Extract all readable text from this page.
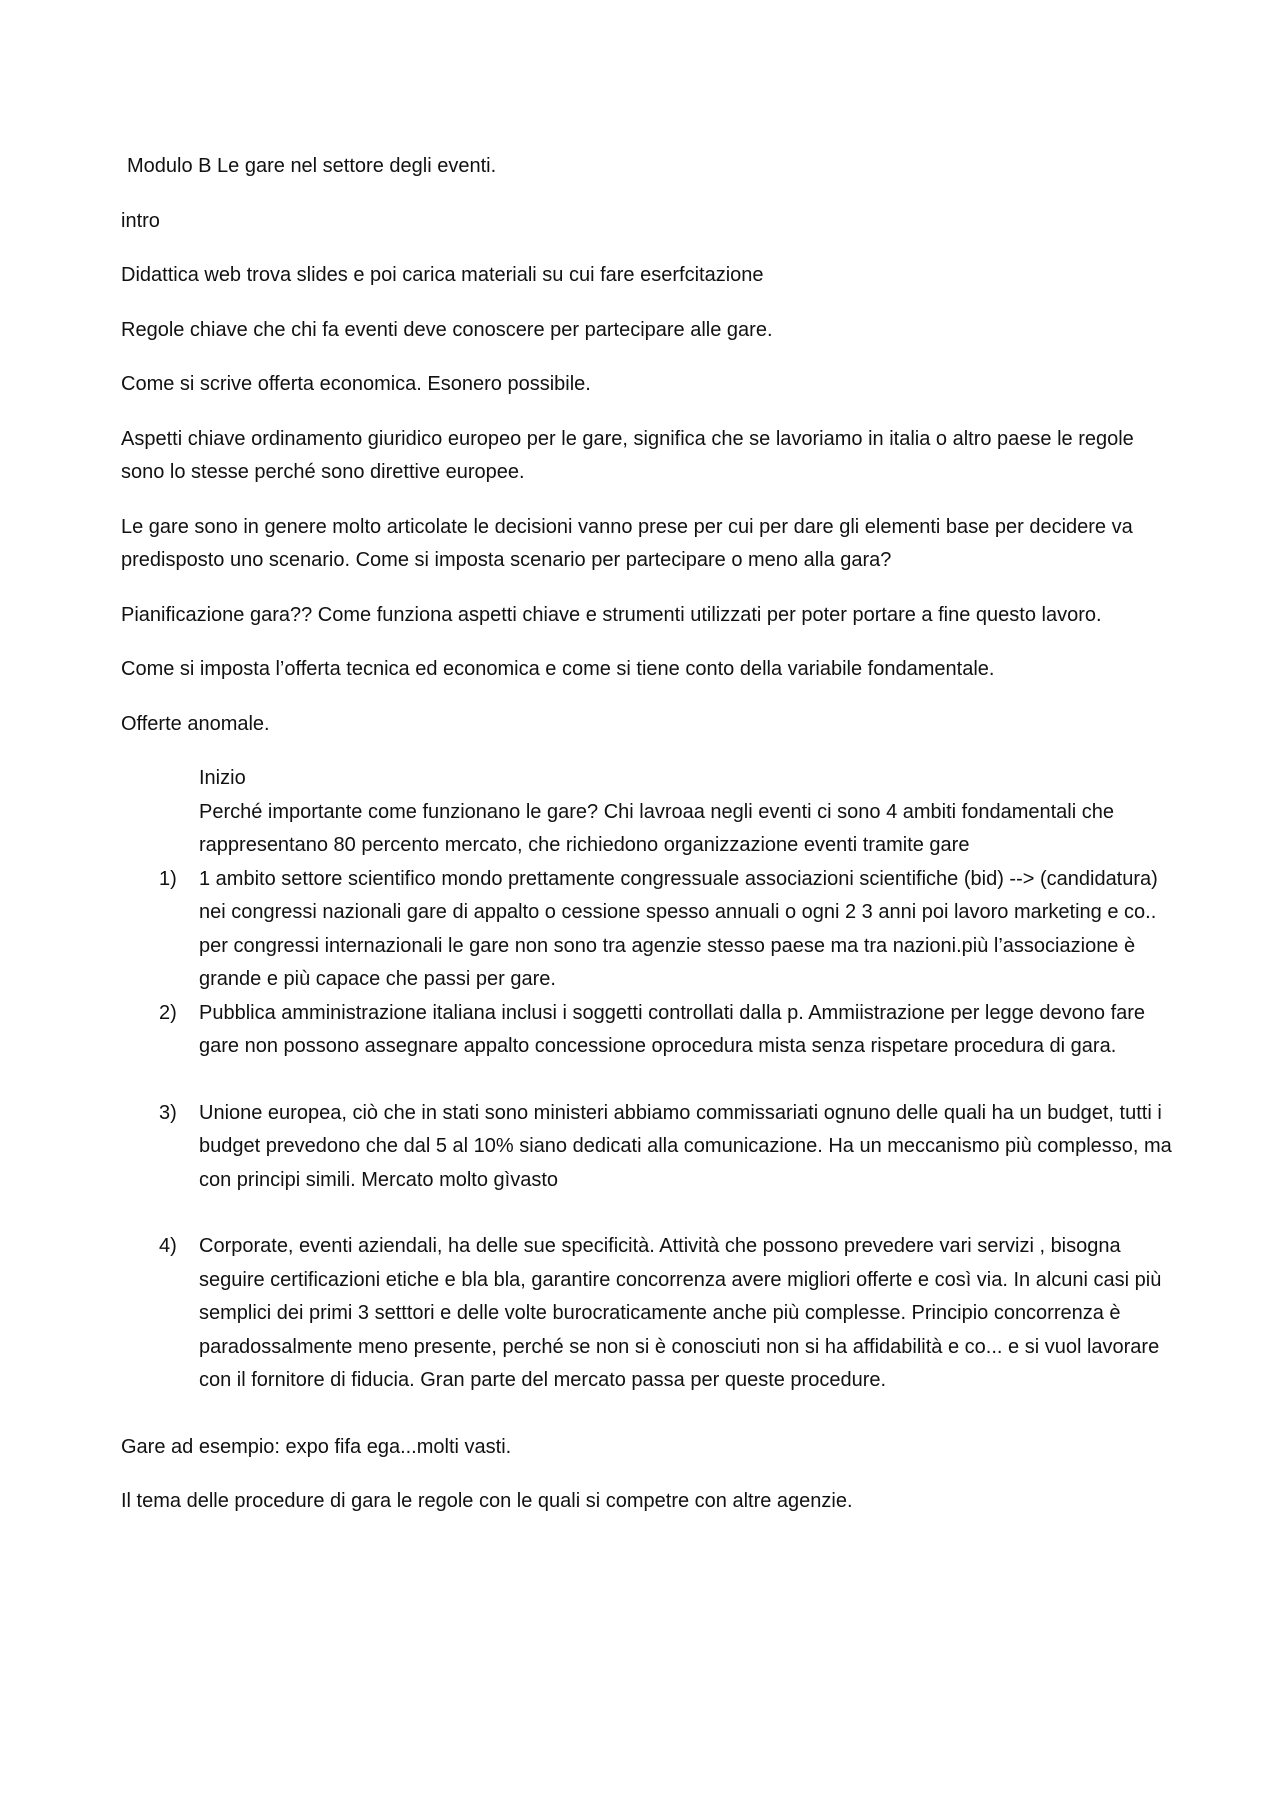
Modulo B Le gare nel settore degli eventi.

intro

Didattica web trova slides e poi carica materiali su cui fare eserfcitazione

Regole chiave che chi fa eventi deve conoscere per partecipare alle gare.

Come si scrive offerta economica. Esonero possibile.

Aspetti chiave ordinamento giuridico europeo per le gare, significa che se lavoriamo in italia o altro paese le regole sono lo stesse perché sono direttive europee.

Le gare sono in genere molto articolate le decisioni vanno prese per cui per dare gli elementi base per decidere va predisposto uno scenario. Come si imposta scenario per partecipare o meno alla gara?

Pianificazione gara?? Come funziona aspetti chiave e strumenti utilizzati per poter portare a fine questo lavoro.

Come si imposta l’offerta tecnica ed economica e come si tiene conto della variabile fondamentale.

Offerte anomale.

Inizio
Perché importante come funzionano le gare? Chi lavroaa negli eventi ci sono 4 ambiti fondamentali che rappresentano 80 percento mercato, che richiedono organizzazione eventi tramite gare
1) 1 ambito settore scientifico mondo prettamente congressuale associazioni scientifiche (bid) --> (candidatura) nei congressi nazionali gare di appalto o cessione spesso annuali o ogni 2 3 anni poi lavoro marketing e co.. per congressi internazionali le gare non sono tra agenzie stesso paese ma tra nazioni.più l’associazione è grande e più capace che passi per gare.
2) Pubblica amministrazione italiana inclusi i soggetti controllati dalla p. Ammiistrazione per legge devono fare gare non possono assegnare appalto concessione oprocedura mista senza rispetare procedura di gara.
3) Unione europea, ciò che in stati sono ministeri abbiamo commissariati ognuno delle quali ha un budget, tutti i budget prevedono che dal 5 al 10% siano dedicati alla comunicazione. Ha un meccanismo più complesso, ma con principi simili. Mercato molto gìvasto
4) Corporate, eventi aziendali, ha delle sue specificità. Attività che possono prevedere vari servizi , bisogna seguire certificazioni etiche e bla bla, garantire concorrenza avere migliori offerte e così via. In alcuni casi più semplici dei primi 3 setttori e delle volte burocraticamente anche più complesse. Principio concorrenza è paradossalmente meno presente, perché se non si è conosciuti non si ha affidabilità e co... e si vuol lavorare con il fornitore di fiducia. Gran parte del mercato passa per queste procedure.

Gare ad esempio: expo fifa ega...molti vasti.

Il tema delle procedure di gara le regole con le quali si competre con altre agenzie.
